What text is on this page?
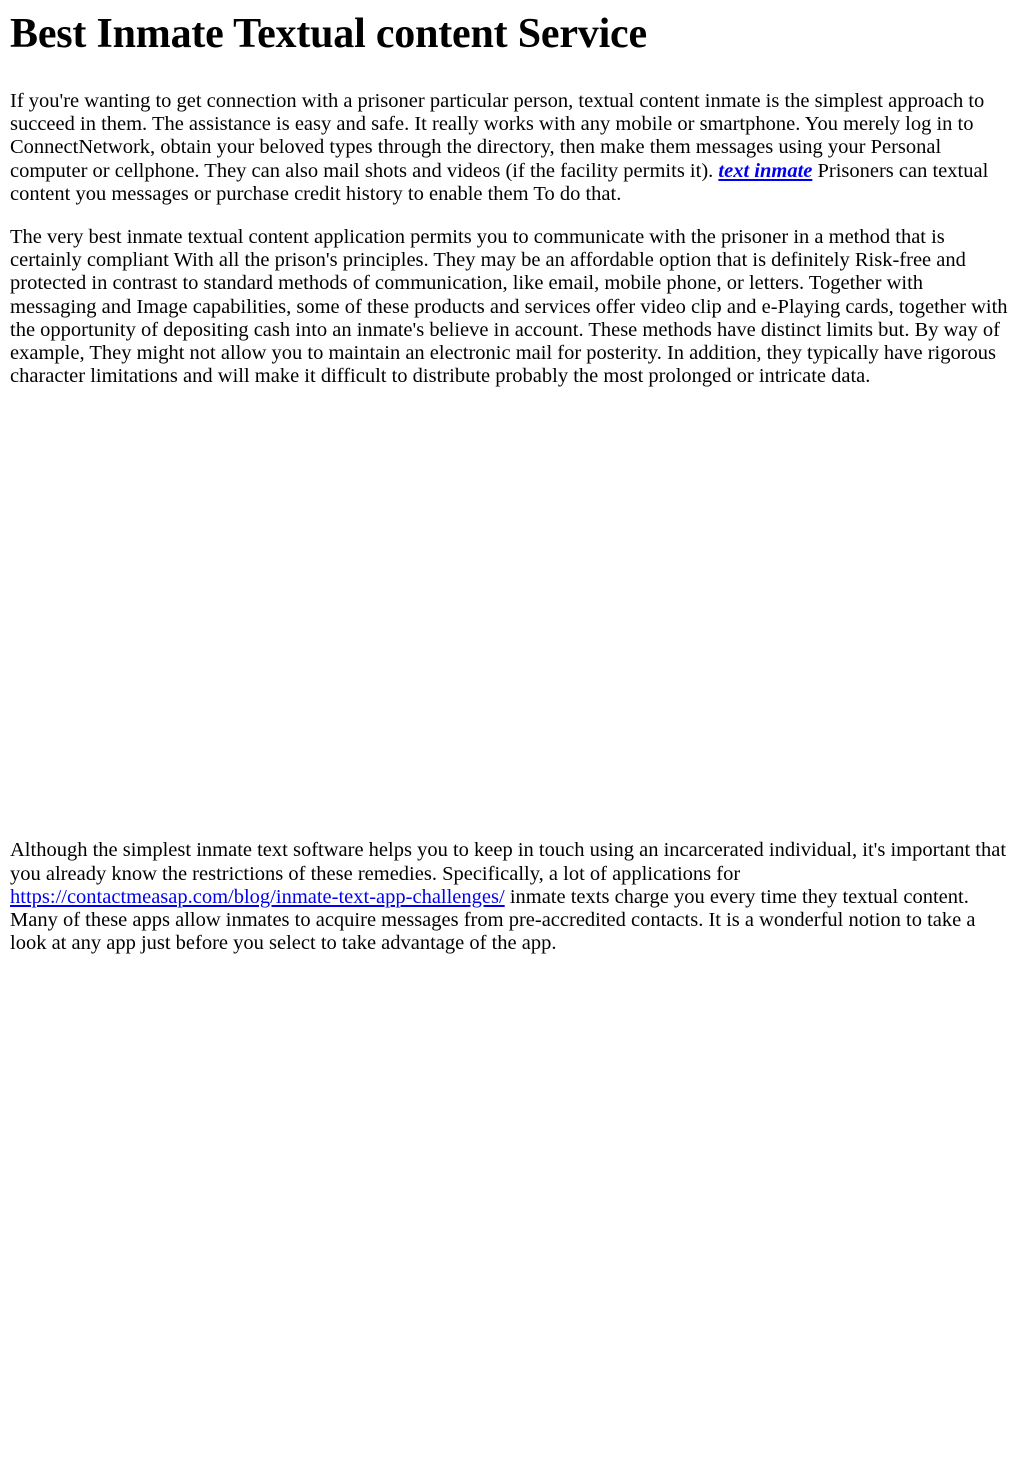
Best Inmate Textual content Service

If you're wanting to get connection with a prisoner particular person, textual content inmate is the simplest approach to succeed in them. The assistance is easy and safe. It really works with any mobile or smartphone. You merely log in to ConnectNetwork, obtain your beloved types through the directory, then make them messages using your Personal computer or cellphone. They can also mail shots and videos (if the facility permits it). text inmate Prisoners can textual content you messages or purchase credit history to enable them To do that.

The very best inmate textual content application permits you to communicate with the prisoner in a method that is certainly compliant With all the prison's principles. They may be an affordable option that is definitely Risk-free and protected in contrast to standard methods of communication, like email, mobile phone, or letters. Together with messaging and Image capabilities, some of these products and services offer video clip and e-Playing cards, together with the opportunity of depositing cash into an inmate's believe in account. These methods have distinct limits but. By way of example, They might not allow you to maintain an electronic mail for posterity. In addition, they typically have rigorous character limitations and will make it difficult to distribute probably the most prolonged or intricate data.

Although the simplest inmate text software helps you to keep in touch using an incarcerated individual, it's important that you already know the restrictions of these remedies. Specifically, a lot of applications for https://contactmeasap.com/blog/inmate-text-app-challenges/ inmate texts charge you every time they textual content. Many of these apps allow inmates to acquire messages from pre-accredited contacts. It is a wonderful notion to take a look at any app just before you select to take advantage of the app.
